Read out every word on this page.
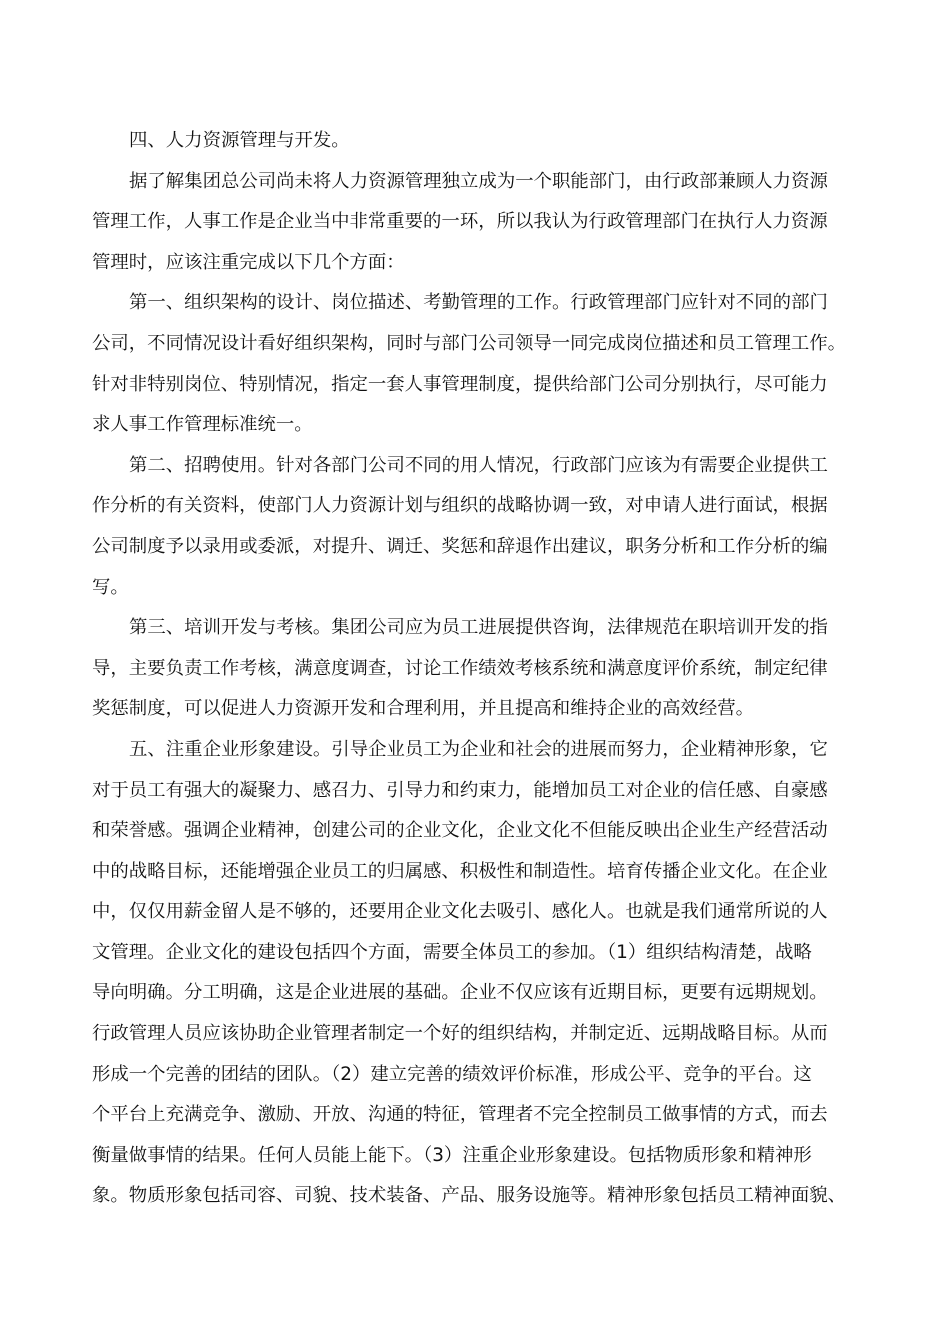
四、人力资源管理与开发。
据了解集团总公司尚未将人力资源管理独立成为一个职能部门，由行政部兼顾人力资源
管理工作，人事工作是企业当中非常重要的一环，所以我认为行政管理部门在执行人力资源
管理时，应该注重完成以下几个方面：
第一、组织架构的设计、岗位描述、考勤管理的工作。行政管理部门应针对不同的部门
公司，不同情况设计看好组织架构，同时与部门公司领导一同完成岗位描述和员工管理工作。
针对非特别岗位、特别情况，指定一套人事管理制度，提供给部门公司分别执行，尽可能力
求人事工作管理标准统一。
第二、招聘使用。针对各部门公司不同的用人情况，行政部门应该为有需要企业提供工
作分析的有关资料，使部门人力资源计划与组织的战略协调一致，对申请人进行面试，根据
公司制度予以录用或委派，对提升、调迁、奖惩和辞退作出建议，职务分析和工作分析的编
写。
第三、培训开发与考核。集团公司应为员工进展提供咨询，法律规范在职培训开发的指
导，主要负责工作考核，满意度调查，讨论工作绩效考核系统和满意度评价系统，制定纪律
奖惩制度，可以促进人力资源开发和合理利用，并且提高和维持企业的高效经营。
五、注重企业形象建设。引导企业员工为企业和社会的进展而努力，企业精神形象，它
对于员工有强大的凝聚力、感召力、引导力和约束力，能增加员工对企业的信任感、自豪感
和荣誉感。强调企业精神，创建公司的企业文化，企业文化不但能反映出企业生产经营活动
中的战略目标，还能增强企业员工的归属感、积极性和制造性。培育传播企业文化。在企业
中，仅仅用薪金留人是不够的，还要用企业文化去吸引、感化人。也就是我们通常所说的人
文管理。企业文化的建设包括四个方面，需要全体员工的参加。（1）组织结构清楚，战略
导向明确。分工明确，这是企业进展的基础。企业不仅应该有近期目标，更要有远期规划。
行政管理人员应该协助企业管理者制定一个好的组织结构，并制定近、远期战略目标。从而
形成一个完善的团结的团队。（2）建立完善的绩效评价标准，形成公平、竞争的平台。这
个平台上充满竞争、激励、开放、沟通的特征，管理者不完全控制员工做事情的方式，而去
衡量做事情的结果。任何人员能上能下。（3）注重企业形象建设。包括物质形象和精神形
象。物质形象包括司容、司貌、技术装备、产品、服务设施等。精神形象包括员工精神面貌、
